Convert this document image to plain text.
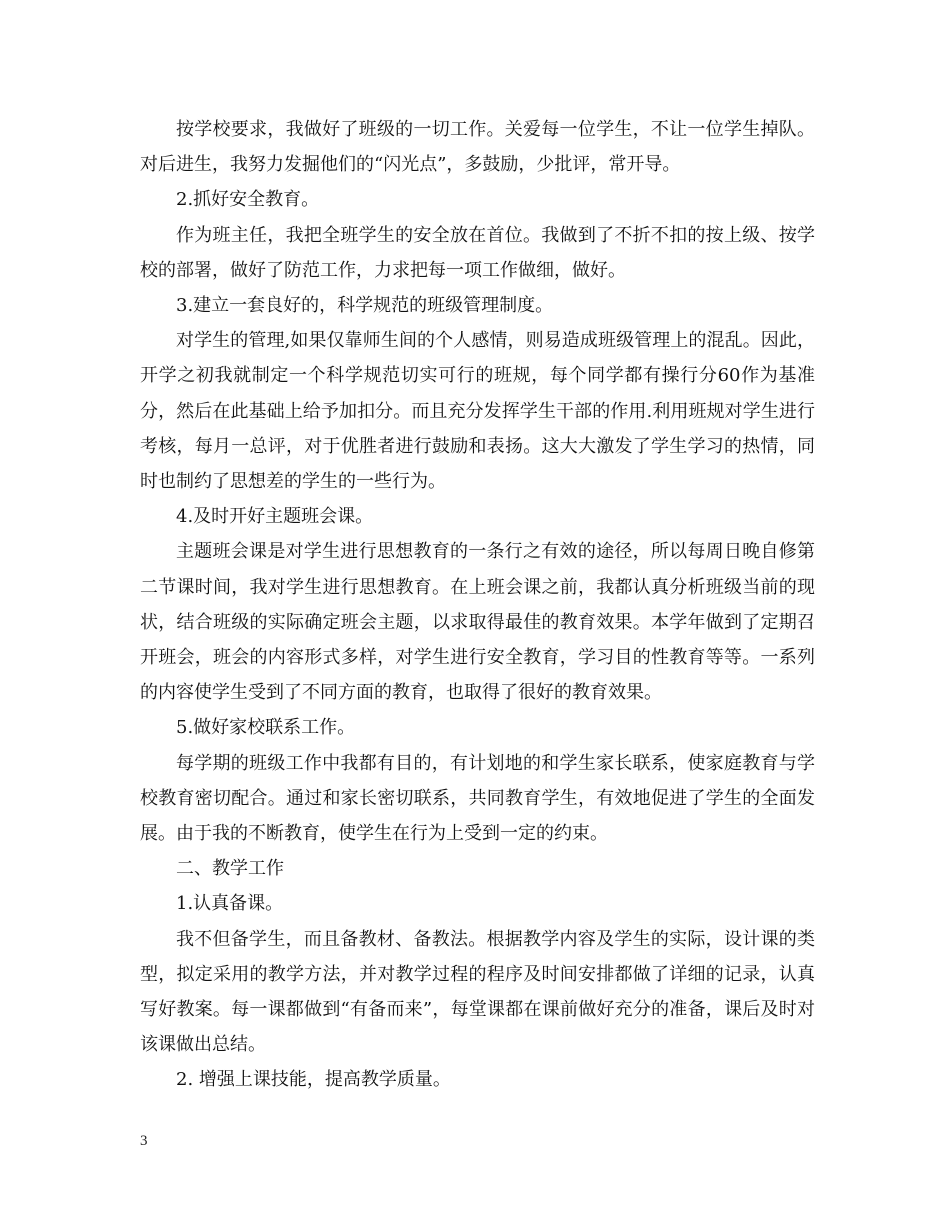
按学校要求，我做好了班级的一切工作。关爱每一位学生，不让一位学生掉队。对后进生，我努力发掘他们的“闪光点”，多鼓励，少批评，常开导。

2.抓好安全教育。

作为班主任，我把全班学生的安全放在首位。我做到了不折不扣的按上级、按学校的部署，做好了防范工作，力求把每一项工作做细，做好。

3.建立一套良好的，科学规范的班级管理制度。

对学生的管理,如果仅靠师生间的个人感情，则易造成班级管理上的混乱。因此，开学之初我就制定一个科学规范切实可行的班规，每个同学都有操行分60作为基准分，然后在此基础上给予加扣分。而且充分发挥学生干部的作用.利用班规对学生进行考核，每月一总评，对于优胜者进行鼓励和表扬。这大大激发了学生学习的热情，同时也制约了思想差的学生的一些行为。

4.及时开好主题班会课。

主题班会课是对学生进行思想教育的一条行之有效的途径，所以每周日晚自修第二节课时间，我对学生进行思想教育。在上班会课之前，我都认真分析班级当前的现状，结合班级的实际确定班会主题，以求取得最佳的教育效果。本学年做到了定期召开班会，班会的内容形式多样，对学生进行安全教育，学习目的性教育等等。一系列的内容使学生受到了不同方面的教育，也取得了很好的教育效果。

5.做好家校联系工作。

每学期的班级工作中我都有目的，有计划地的和学生家长联系，使家庭教育与学校教育密切配合。通过和家长密切联系，共同教育学生，有效地促进了学生的全面发展。由于我的不断教育，使学生在行为上受到一定的约束。

二、教学工作

1.认真备课。

我不但备学生，而且备教材、备教法。根据教学内容及学生的实际，设计课的类型，拟定采用的教学方法，并对教学过程的程序及时间安排都做了详细的记录，认真写好教案。每一课都做到“有备而来”，每堂课都在课前做好充分的准备，课后及时对该课做出总结。

2. 增强上课技能，提高教学质量。

3
